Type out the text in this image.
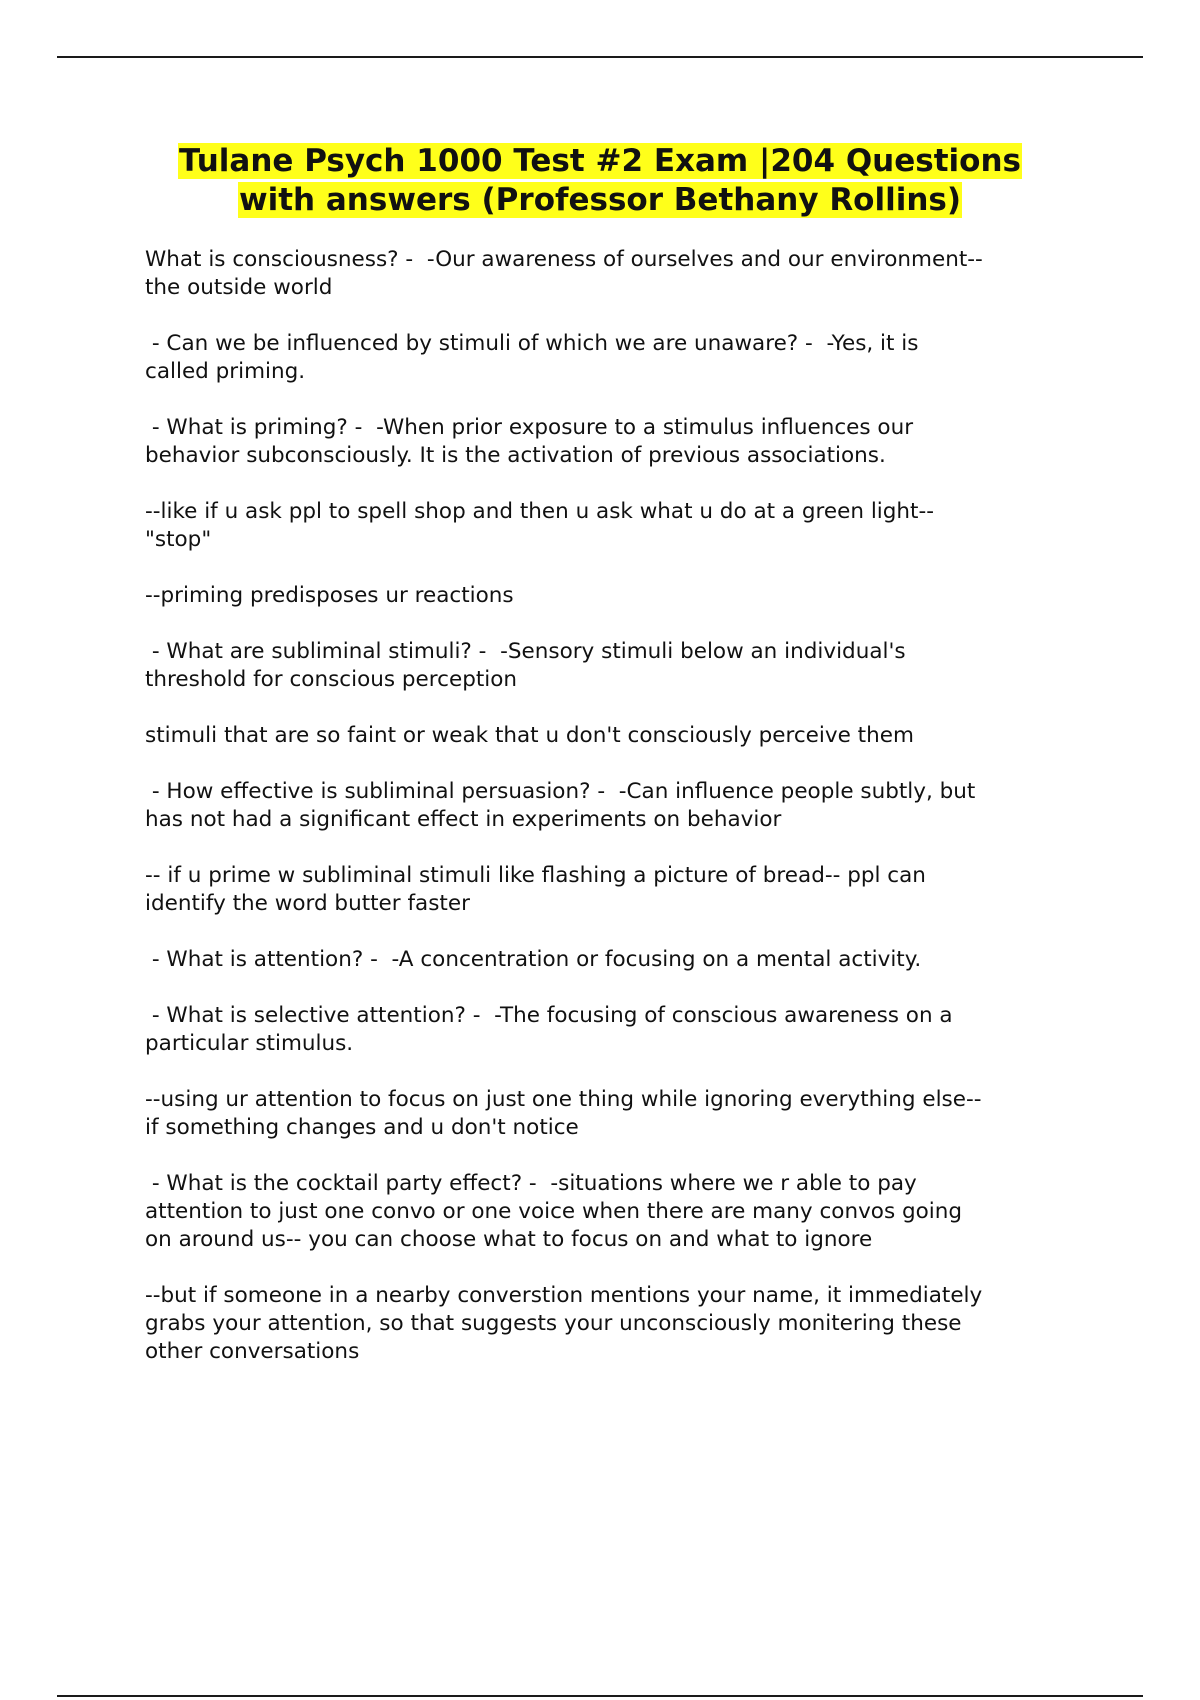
Tulane Psych 1000 Test #2 Exam |204 Questions
with answers (Professor Bethany Rollins)

What is consciousness? -  -Our awareness of ourselves and our environment--
the outside world

- Can we be influenced by stimuli of which we are unaware? -  -Yes, it is
called priming.

- What is priming? -  -When prior exposure to a stimulus influences our
behavior subconsciously. It is the activation of previous associations.

--like if u ask ppl to spell shop and then u ask what u do at a green light--
"stop"

--priming predisposes ur reactions

- What are subliminal stimuli? -  -Sensory stimuli below an individual's
threshold for conscious perception

stimuli that are so faint or weak that u don't consciously perceive them

- How effective is subliminal persuasion? -  -Can influence people subtly, but
has not had a significant effect in experiments on behavior

-- if u prime w subliminal stimuli like flashing a picture of bread-- ppl can
identify the word butter faster

- What is attention? -  -A concentration or focusing on a mental activity.

- What is selective attention? -  -The focusing of conscious awareness on a
particular stimulus.

--using ur attention to focus on just one thing while ignoring everything else--
if something changes and u don't notice

- What is the cocktail party effect? -  -situations where we r able to pay
attention to just one convo or one voice when there are many convos going
on around us-- you can choose what to focus on and what to ignore

--but if someone in a nearby converstion mentions your name, it immediately
grabs your attention, so that suggests your unconsciously monitering these
other conversations
